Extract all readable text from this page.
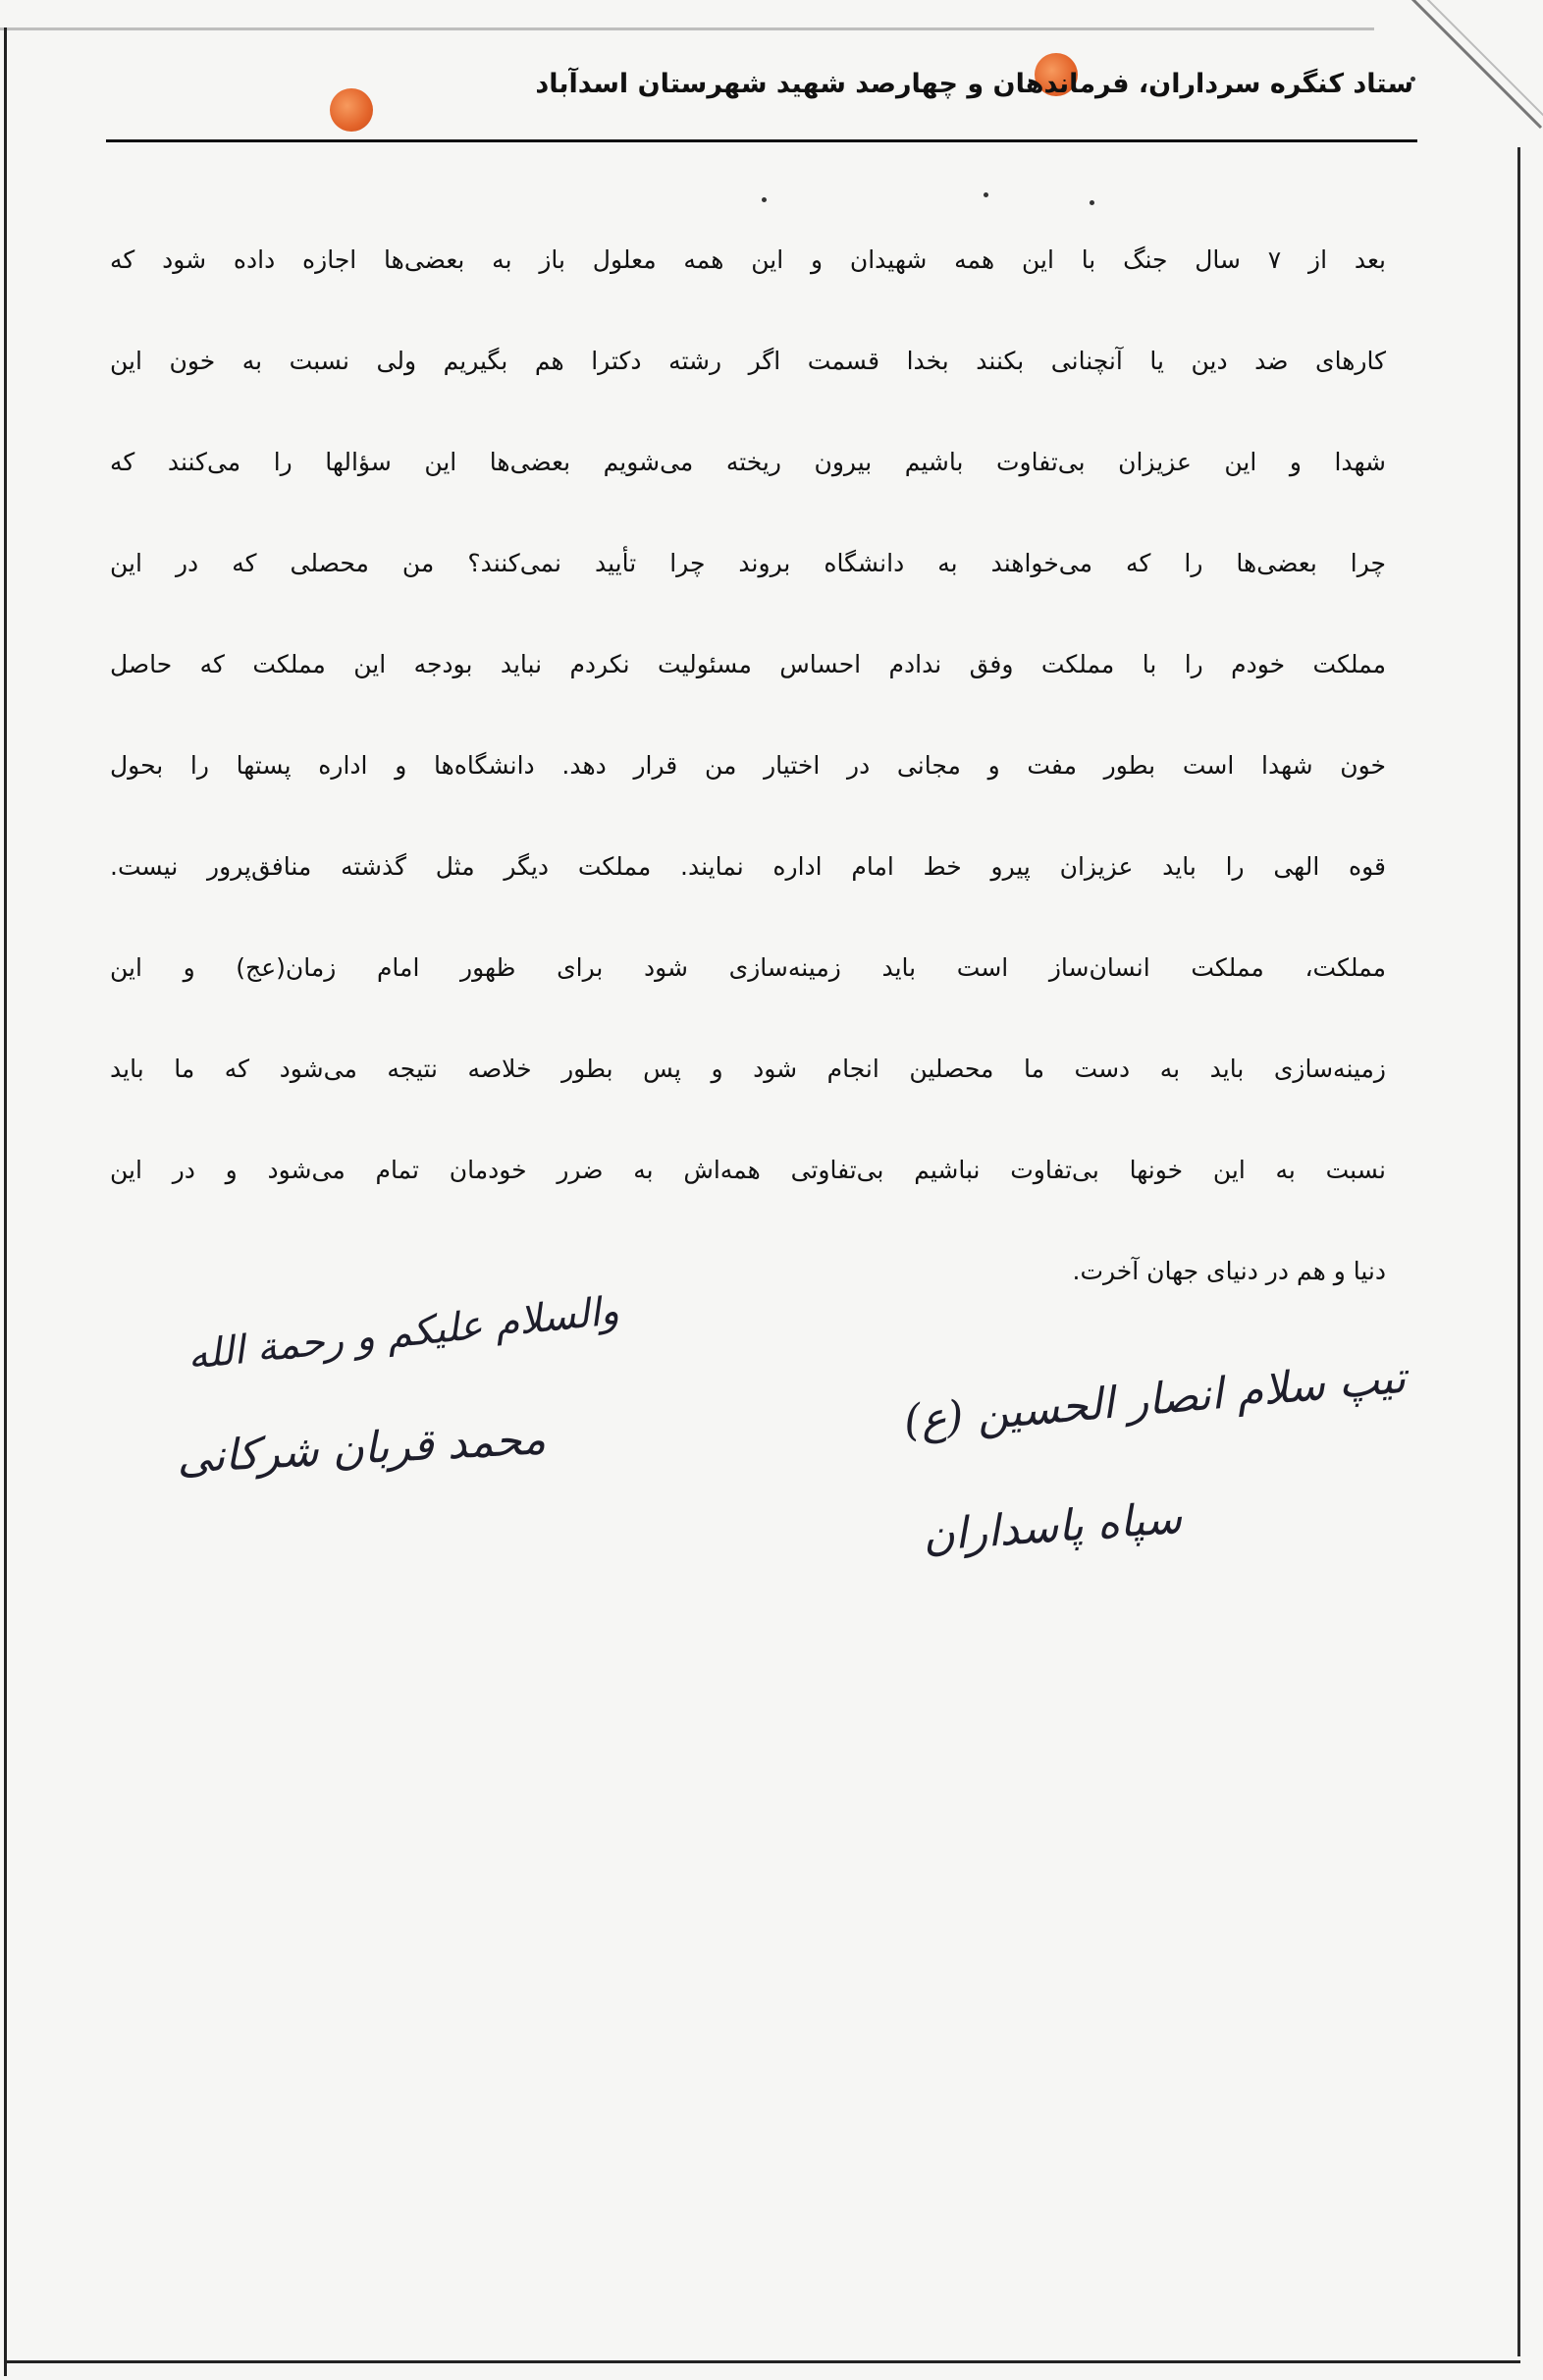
ستاد کنگره سرداران، فرماندهان و چهارصد شهید شهرستان اسدآباد
بعد از ۷ سال جنگ با این همه شهیدان و این همه معلول باز به بعضی‌ها اجازه داده شود که
کارهای ضد دین یا آنچنانی بکنند بخدا قسمت اگر رشته دکترا هم بگیریم ولی نسبت به خون این
شهدا و این عزیزان بی‌تفاوت باشیم بیرون ریخته می‌شویم بعضی‌ها این سؤالها را می‌کنند که
چرا بعضی‌ها را که می‌خواهند به دانشگاه بروند چرا تأیید نمی‌کنند؟ من محصلی که در این
مملکت خودم را با مملکت وفق ندادم احساس مسئولیت نکردم نباید بودجه این مملکت که حاصل
خون شهدا است بطور مفت و مجانی در اختیار من قرار دهد. دانشگاه‌ها و اداره پستها را بحول
قوه الهی را باید عزیزان پیرو خط امام اداره نمایند. مملکت دیگر مثل گذشته منافق‌پرور نیست.
مملکت، مملکت انسان‌ساز است باید زمینه‌سازی شود برای ظهور امام زمان(عج) و این
زمینه‌سازی باید به دست ما محصلین انجام شود و پس بطور خلاصه نتیجه می‌شود که ما باید
نسبت به این خونها بی‌تفاوت نباشیم بی‌تفاوتی همه‌اش به ضرر خودمان تمام می‌شود و در این
دنیا و هم در دنیای جهان آخرت.
والسلام علیکم و رحمة الله
محمد قربان شرکانی
تیپ سلام انصار الحسین (ع)
سپاه پاسداران
